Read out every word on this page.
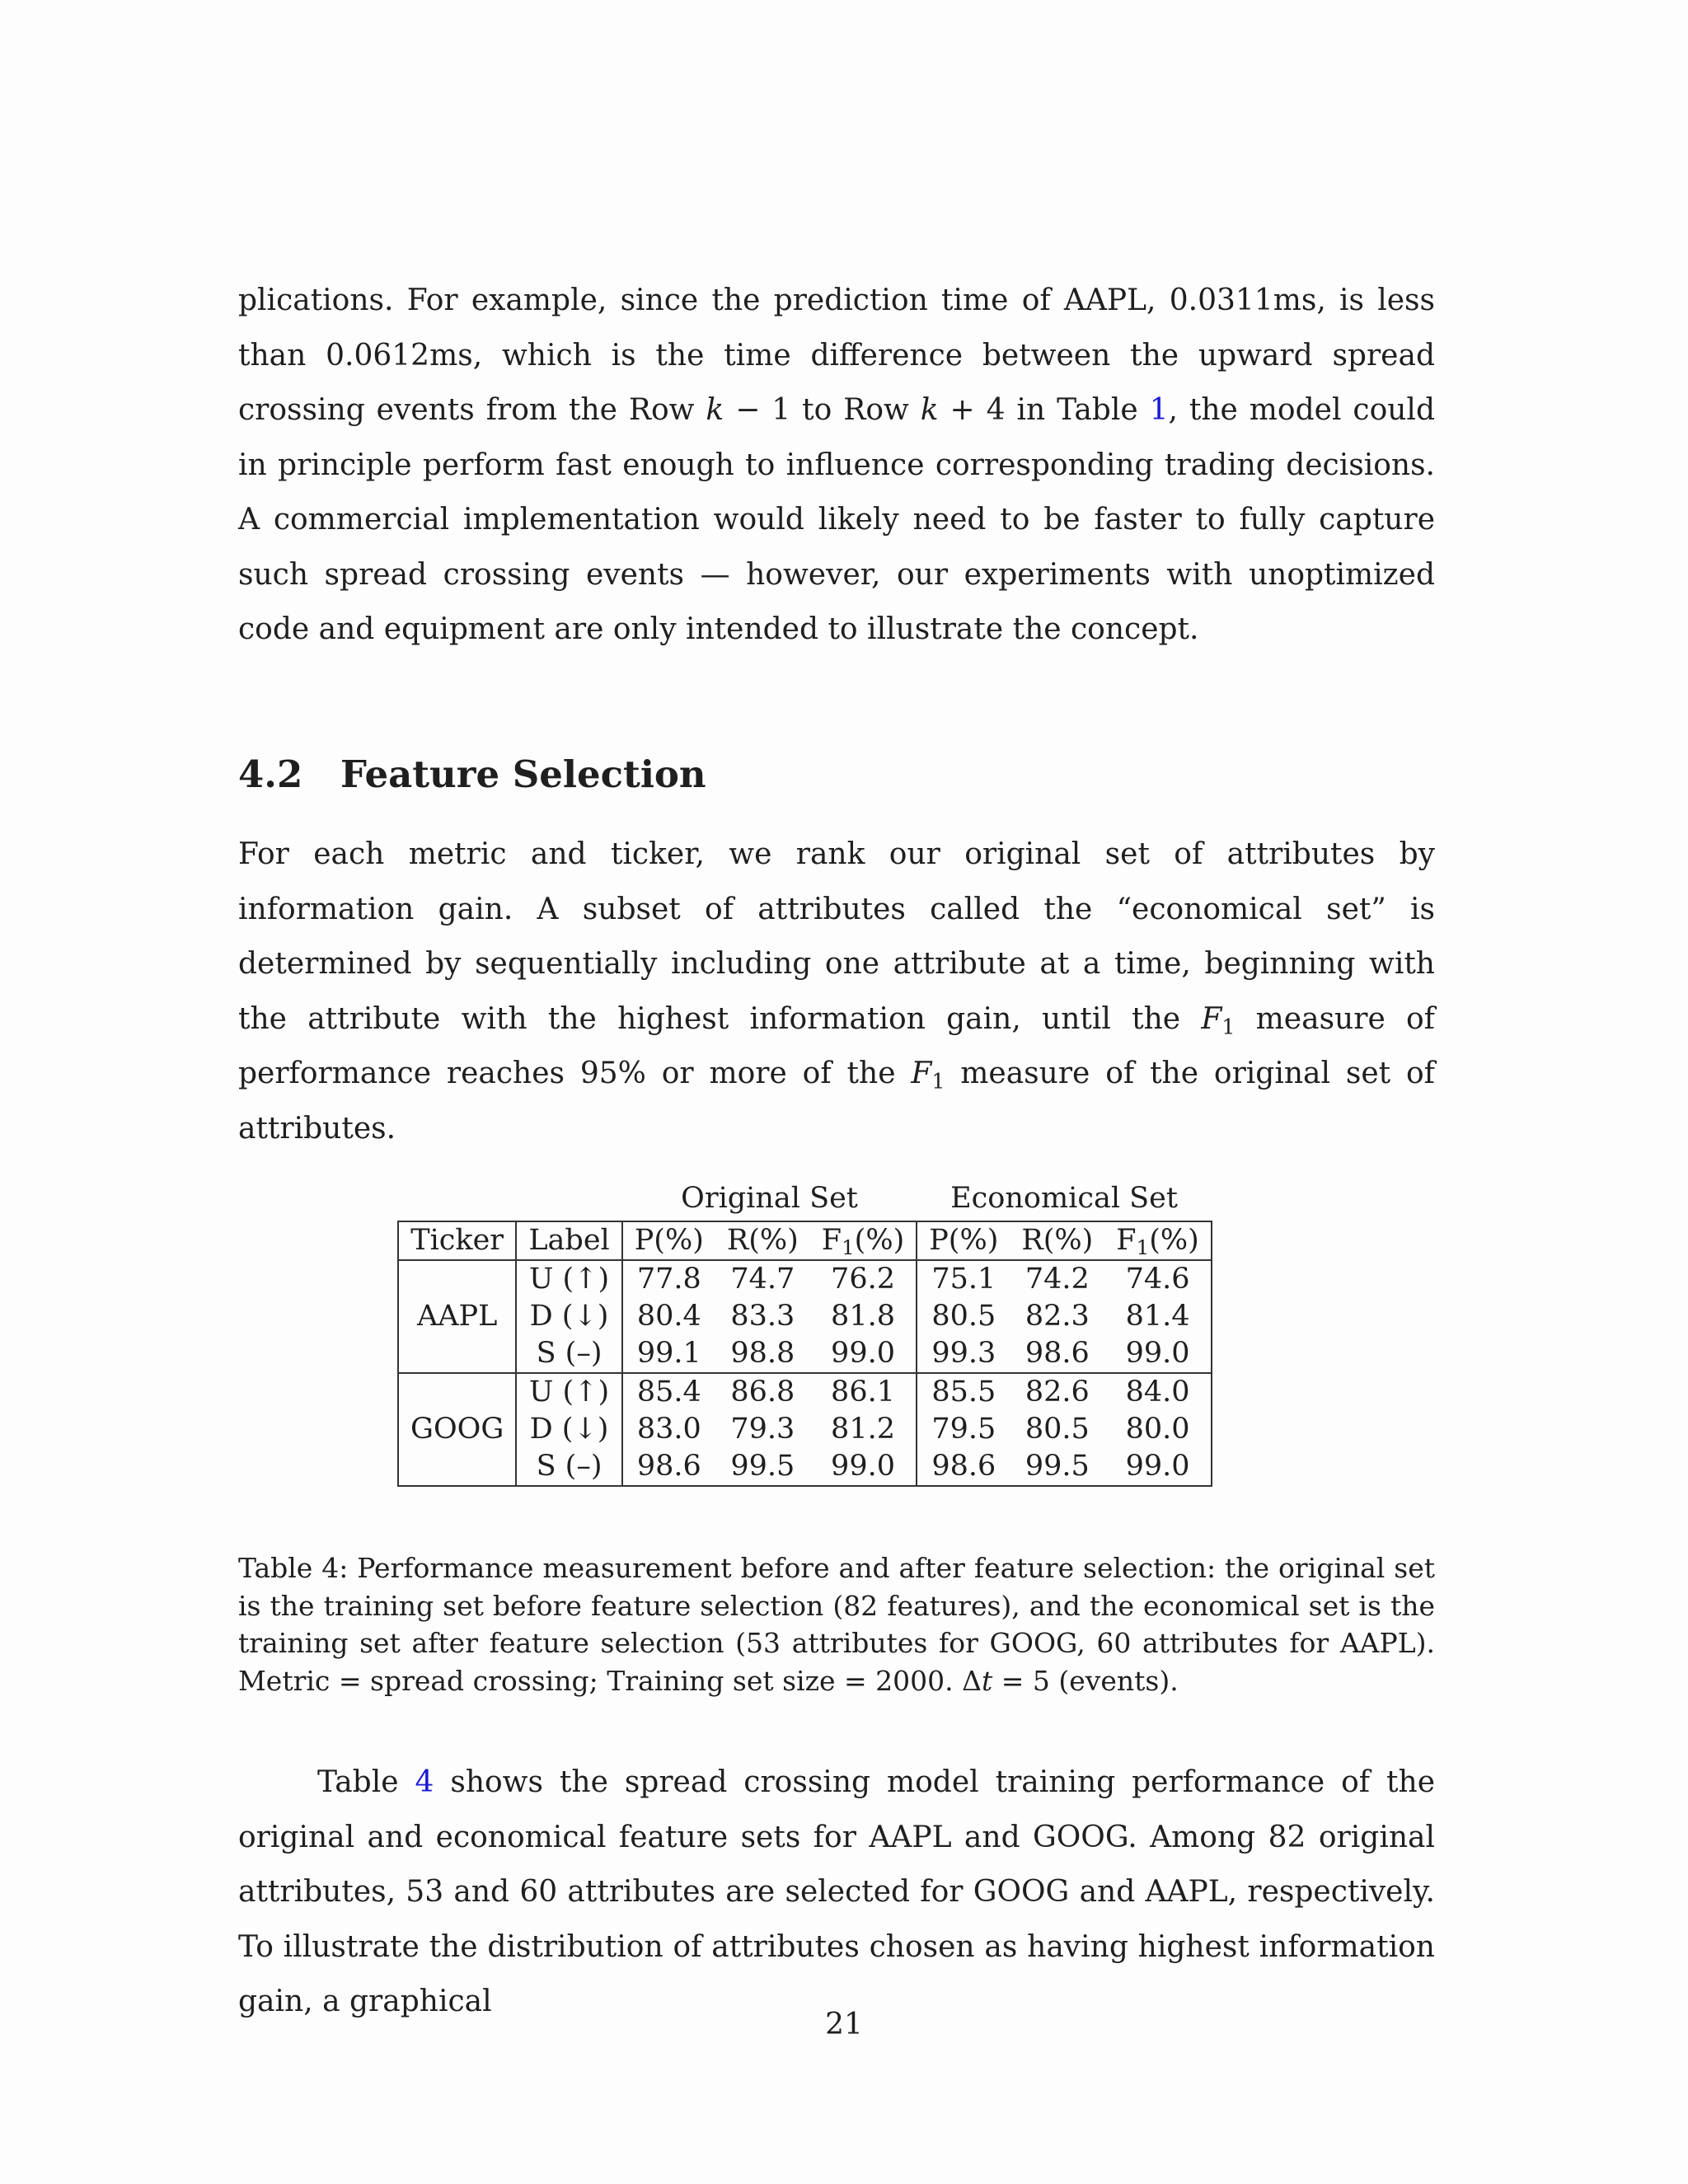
plications. For example, since the prediction time of AAPL, 0.0311ms, is less than 0.0612ms, which is the time difference between the upward spread crossing events from the Row k − 1 to Row k + 4 in Table 1, the model could in principle perform fast enough to influence corresponding trading decisions. A commercial implementation would likely need to be faster to fully capture such spread crossing events — however, our experiments with unoptimized code and equipment are only intended to illustrate the concept.

4.2 Feature Selection

For each metric and ticker, we rank our original set of attributes by information gain. A subset of attributes called the “economical set” is determined by sequentially including one attribute at a time, beginning with the attribute with the highest information gain, until the $F_1$ measure of performance reaches 95% or more of the $F_1$ measure of the original set of attributes.

		Original Set			Economical Set		
Ticker	Label	P(%)	R(%)	$F_1(\%)$	P(%)	R(%)	$F_1(\%)$
AAPL	U (↑)	77.8	74.7	76.2	75.1	74.2	74.6
	D (↓)	80.4	83.3	81.8	80.5	82.3	81.4
	S (–)	99.1	98.8	99.0	99.3	98.6	99.0
GOOG	U (↑)	85.4	86.8	86.1	85.5	82.6	84.0
	D (↓)	83.0	79.3	81.2	79.5	80.5	80.0
	S (–)	98.6	99.5	99.0	98.6	99.5	99.0

Table 4: Performance measurement before and after feature selection: the original set is the training set before feature selection (82 features), and the economical set is the training set after feature selection (53 attributes for GOOG, 60 attributes for AAPL). Metric = spread crossing; Training set size = 2000. Δt = 5 (events).

Table 4 shows the spread crossing model training performance of the original and economical feature sets for AAPL and GOOG. Among 82 original attributes, 53 and 60 attributes are selected for GOOG and AAPL, respectively. To illustrate the distribution of attributes chosen as having highest information gain, a graphical

21
